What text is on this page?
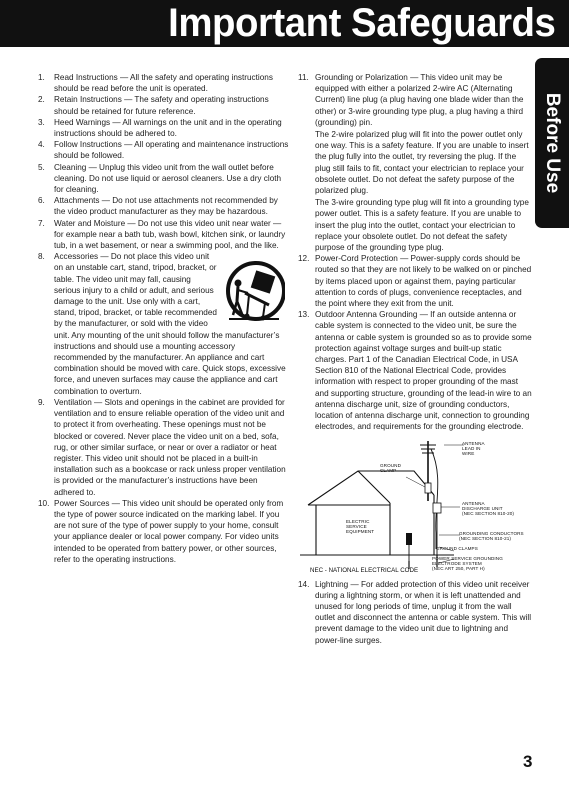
Important Safeguards
Before Use
1. Read Instructions — All the safety and operating instructions should be read before the unit is operated.
2. Retain Instructions — The safety and operating instructions should be retained for future reference.
3. Heed Warnings — All warnings on the unit and in the operating instructions should be adhered to.
4. Follow Instructions — All operating and maintenance instructions should be followed.
5. Cleaning — Unplug this video unit from the wall outlet before cleaning. Do not use liquid or aerosol cleaners. Use a dry cloth for cleaning.
6. Attachments — Do not use attachments not recommended by the video product manufacturer as they may be hazardous.
7. Water and Moisture — Do not use this video unit near water — for example near a bath tub, wash bowl, kitchen sink, or laundry tub, in a wet basement, or near a swimming pool, and the like.
8. Accessories — Do not place this video unit on an unstable cart, stand, tripod, bracket, or table. The video unit may fall, causing serious injury to a child or adult, and serious damage to the unit. Use only with a cart, stand, tripod, bracket, or table recommended by the manufacturer, or sold with the video unit. Any mounting of the unit should follow the manufacturer’s instructions and should use a mounting accessory recommended by the manufacturer. An appliance and cart combination should be moved with care. Quick stops, excessive force, and uneven surfaces may cause the appliance and cart combination to overturn.
9. Ventilation — Slots and openings in the cabinet are provided for ventilation and to ensure reliable operation of the video unit and to protect it from overheating. These openings must not be blocked or covered. Never place the video unit on a bed, sofa, rug, or other similar surface, or near or over a radiator or heat register. This video unit should not be placed in a built-in installation such as a bookcase or rack unless proper ventilation is provided or the manufacturer’s instructions have been adhered to.
10. Power Sources — This video unit should be operated only from the type of power source indicated on the marking label. If you are not sure of the type of power supply to your home, consult your appliance dealer or local power company. For video units intended to be operated from battery power, or other sources, refer to the operating instructions.
11. Grounding or Polarization — This video unit may be equipped with either a polarized 2-wire AC (Alternating Current) line plug (a plug having one blade wider than the other) or 3-wire grounding type plug, a plug having a third (grounding) pin.
The 2-wire polarized plug will fit into the power outlet only one way. This is a safety feature. If you are unable to insert the plug fully into the outlet, try reversing the plug. If the plug still fails to fit, contact your electrician to replace your obsolete outlet. Do not defeat the safety purpose of the polarized plug.
The 3-wire grounding type plug will fit into a grounding type power outlet. This is a safety feature. If you are unable to insert the plug into the outlet, contact your electrician to replace your obsolete outlet. Do not defeat the safety purpose of the grounding type plug.
12. Power-Cord Protection — Power-supply cords should be routed so that they are not likely to be walked on or pinched by items placed upon or against them, paying particular attention to cords of plugs, convenience receptacles, and the point where they exit from the unit.
13. Outdoor Antenna Grounding — If an outside antenna or cable system is connected to the video unit, be sure the antenna or cable system is grounded so as to provide some protection against voltage surges and built-up static charges. Part 1 of the Canadian Electrical Code, in USA Section 810 of the National Electrical Code, provides information with respect to proper grounding of the mast and supporting structure, grounding of the lead-in wire to an antenna discharge unit, size of grounding conductors, location of antenna discharge unit, connection to grounding electrodes, and requirements for the grounding electrode.
ANTENNA
LEAD IN
WIRE
GROUND
CLAMP
ANTENNA
DISCHARGE UNIT
(NEC SECTION 810-20)
ELECTRIC
SERVICE
EQUIPMENT	GROUNDING CONDUCTORS
(NEC SECTION 810-21)
GROUND CLAMPS
POWER SERVICE GROUNDING
ELECTRODE SYSTEM
(NEC ART 250, PART H)
NEC - NATIONAL ELECTRICAL CODE
14. Lightning — For added protection of this video unit receiver during a lightning storm, or when it is left unattended and unused for long periods of time, unplug it from the wall outlet and disconnect the antenna or cable system. This will prevent damage to the video unit due to lightning and power-line surges.
3
